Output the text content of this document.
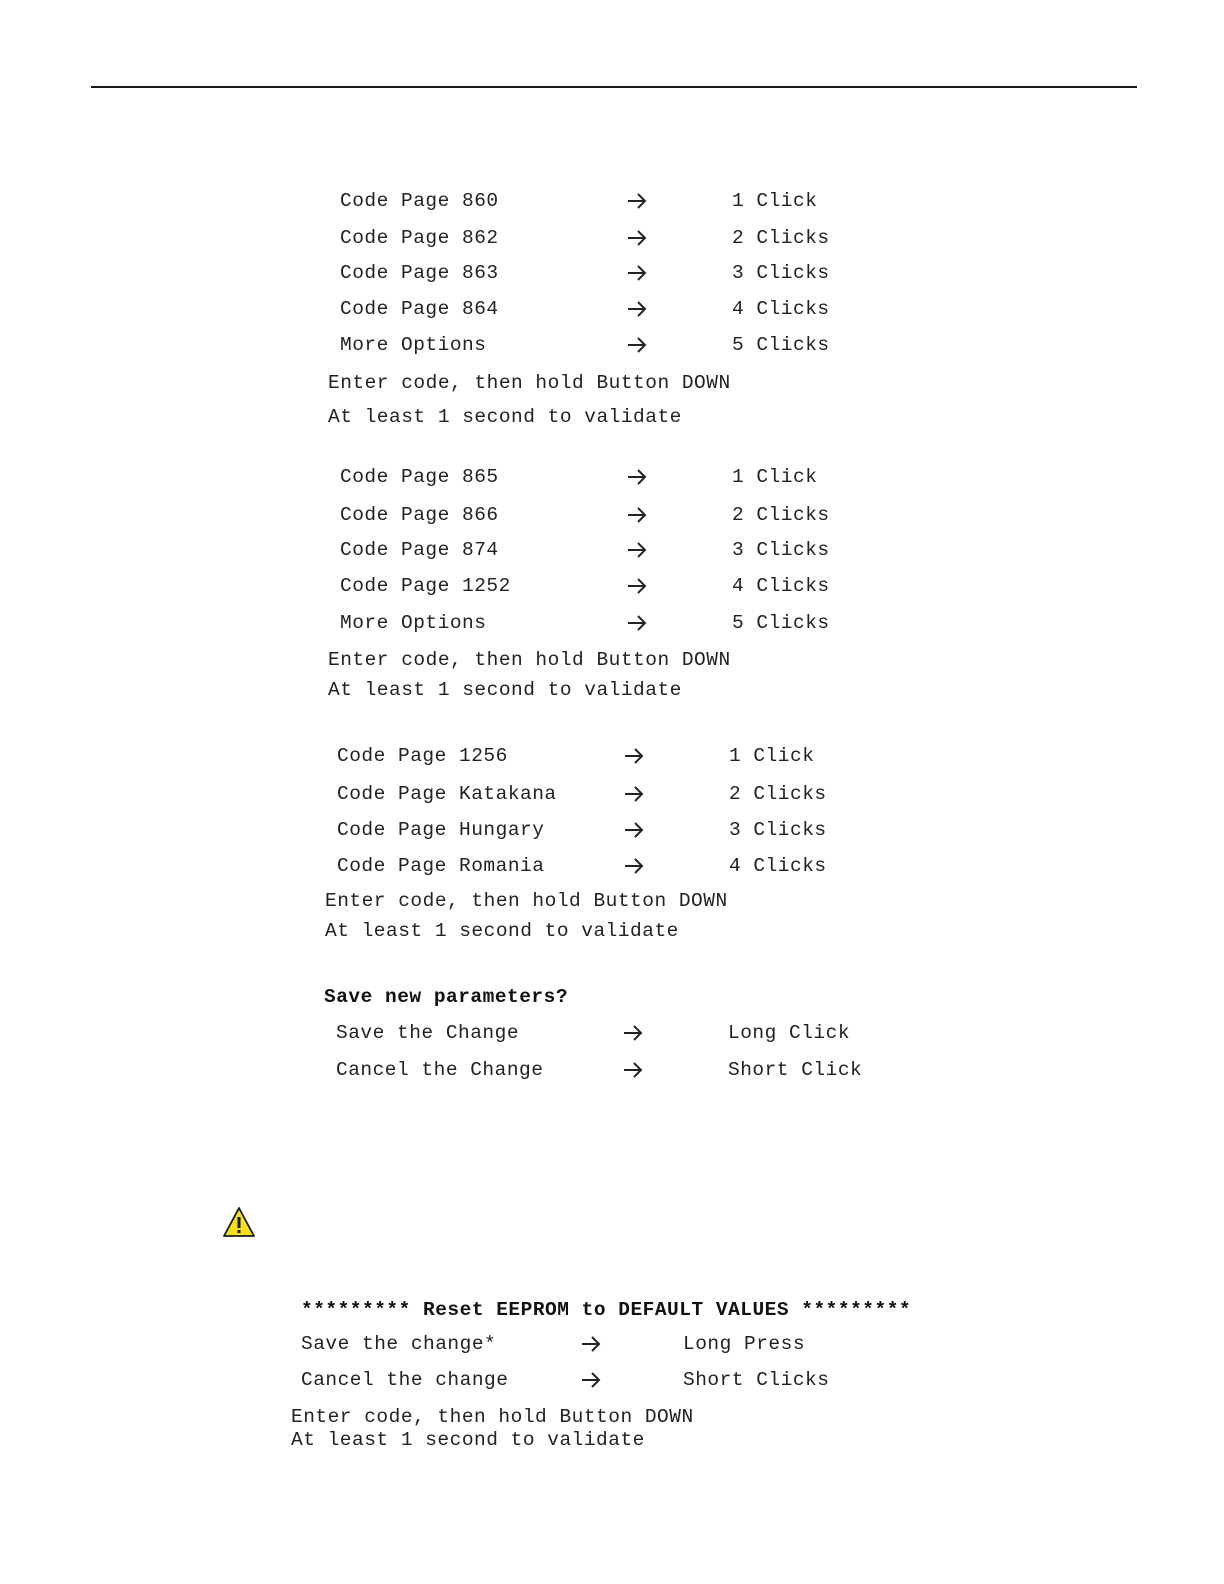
Code Page 860	1 Click
Code Page 862	2 Clicks
Code Page 863	3 Clicks
Code Page 864	4 Clicks
More Options	5 Clicks
Enter code, then hold Button DOWN
At least 1 second to validate
Code Page 865	1 Click
Code Page 866	2 Clicks
Code Page 874	3 Clicks
Code Page 1252	4 Clicks
More Options	5 Clicks
Enter code, then hold Button DOWN
At least 1 second to validate
Code Page 1256	1 Click
Code Page Katakana	2 Clicks
Code Page Hungary	3 Clicks
Code Page Romania	4 Clicks
Enter code, then hold Button DOWN
At least 1 second to validate
Save new parameters?
Save the Change	Long Click
Cancel the Change	Short Click
********* Reset EEPROM to DEFAULT VALUES *********
Save the change*	Long Press
Cancel the change	Short Clicks
Enter code, then hold Button DOWN
At least 1 second to validate
